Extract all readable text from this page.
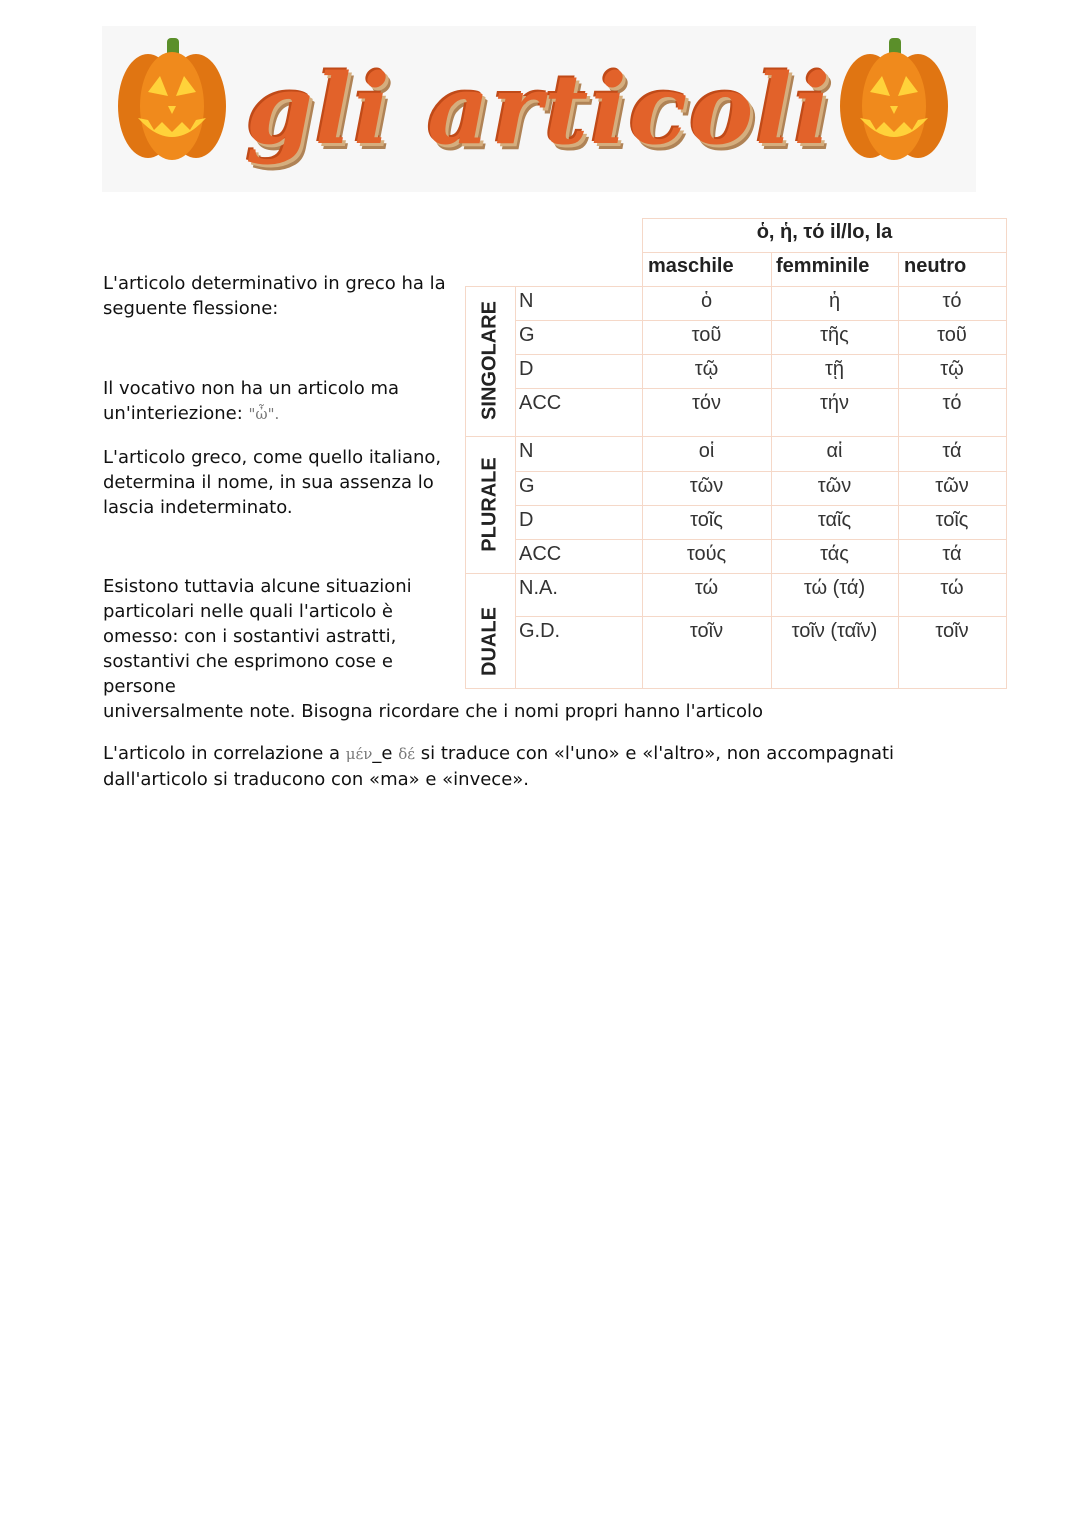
gli articoli
L'articolo determinativo in greco ha la seguente flessione:
Il vocativo non ha un articolo ma un'interiezione: "ὦ".
L'articolo greco, come quello italiano, determina il nome, in sua assenza lo lascia indeterminato.
Esistono tuttavia alcune situazioni particolari nelle quali l'articolo è omesso: con i sostantivi astratti, sostantivi che esprimono cose e persone
universalmente note. Bisogna ricordare che i nomi propri hanno l'articolo
L'articolo in correlazione a μέν_e δέ si traduce con «l'uno» e «l'altro», non accompagnati dall'articolo si traducono con «ma» e «invece».
ὁ, ἡ, τό il/lo, la
maschile femminile neutro
SINGOLARE
PLURALE
DUALE
N	ὁ	ἡ	τό
G	τοῦ	τῆς	τοῦ
D	τῷ	τῇ	τῷ
ACC	τόν	τήν	τό
N	οἱ	αἱ	τά
G	τῶν	τῶν	τῶν
D	τοῖς	ταῖς	τοῖς
ACC	τούς	τάς	τά
N.A.	τώ	τώ (τά)	τώ
G.D.	τοῖν	τοῖν (ταῖν)	τοῖν
